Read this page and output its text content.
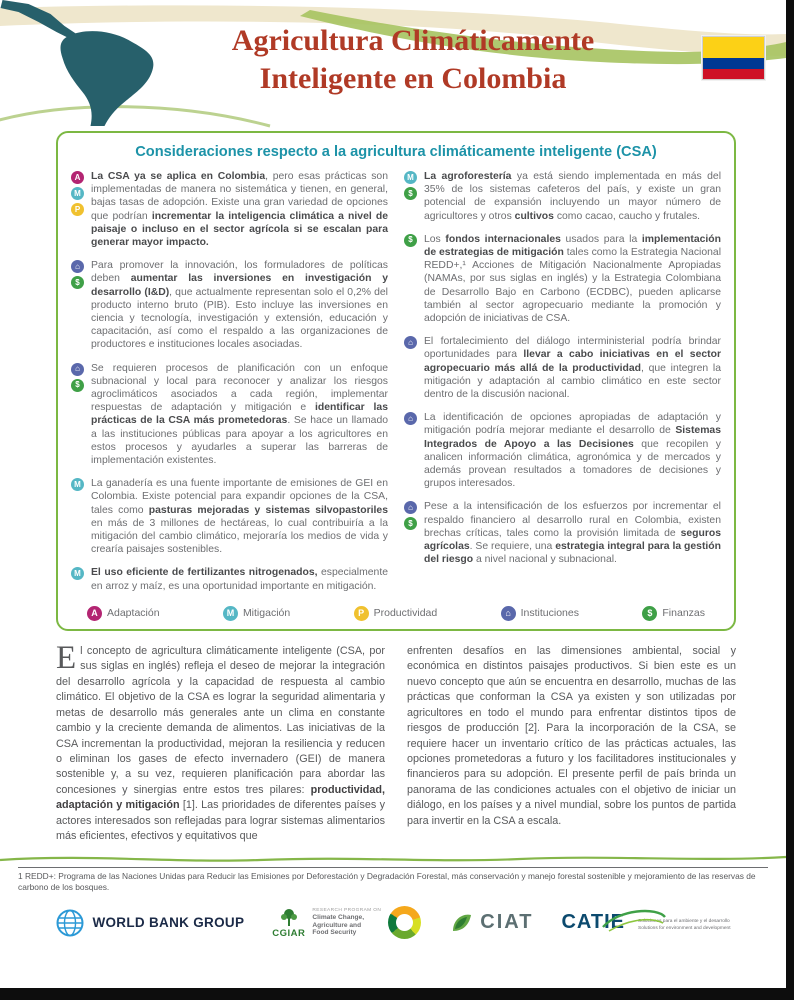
Agricultura Climáticamente
Inteligente en Colombia
Consideraciones respecto a la agricultura climáticamente inteligente (CSA)
A
M
P

La CSA ya se aplica en Colombia, pero esas prácticas son implementadas de manera no sistemática y tienen, en general, bajas tasas de adopción. Existe una gran variedad de opciones que podrían incrementar la inteligencia climática a nivel de paisaje o incluso en el sector agrícola si se escalan para generar mayor impacto.

⌂
$

Para promover la innovación, los formuladores de políticas deben aumentar las inversiones en investigación y desarrollo (I&D), que actualmente representan solo el 0,2% del producto interno bruto (PIB). Esto incluye las inversiones en ciencia y tecnología, investigación y extensión, educación y capacitación, así como el respaldo a las organizaciones de productores e instituciones locales asociadas.

⌂
$

Se requieren procesos de planificación con un enfoque subnacional y local para reconocer y analizar los riesgos agroclimáticos asociados a cada región, implementar respuestas de adaptación y mitigación e identificar las prácticas de la CSA más prometedoras. Se hace un llamado a las instituciones públicas para apoyar a los agricultores en estos procesos y ayudarles a superar las barreras de implementación existentes.

M La ganadería es una fuente importante de emisiones de GEI en Colombia. Existe potencial para expandir opciones de la CSA, tales como pasturas mejoradas y sistemas silvopastoriles en más de 3 millones de hectáreas, lo cual contribuiría a la mitigación del cambio climático, mejoraría los medios de vida y crearía paisajes sostenibles.

M El uso eficiente de fertilizantes nitrogenados, especialmente en arroz y maíz, es una oportunidad importante en mitigación.

M
$

La agroforestería ya está siendo implementada en más del 35% de los sistemas cafeteros del país, y existe un gran potencial de expansión incluyendo un mayor número de agricultores y otros cultivos como cacao, caucho y frutales.

$	Los fondos internacionales usados para la implementación de estrategias de mitigación tales como la Estrategia Nacional REDD+,¹ Acciones de Mitigación Nacionalmente Apropiadas (NAMAs, por sus siglas en inglés) y la Estrategia Colombiana de Desarrollo Bajo en Carbono (ECDBC), pueden aplicarse también al sector agropecuario mediante la promoción y adopción de iniciativas de CSA.

⌂	El fortalecimiento del diálogo interministerial podría brindar oportunidades para llevar a cabo iniciativas en el sector agropecuario más allá de la productividad, que integren la mitigación y adaptación al cambio climático en este sector dentro de la discusión nacional.

⌂	La identificación de opciones apropiadas de adaptación y mitigación podría mejorar mediante el desarrollo de Sistemas Integrados de Apoyo a las Decisiones que recopilen y analicen información climática, agronómica y de mercados y además provean resultados a tomadores de decisiones y grupos interesados.

⌂
$

Pese a la intensificación de los esfuerzos por incrementar el respaldo financiero al desarrollo rural en Colombia, existen brechas críticas, tales como la provisión limitada de seguros agrícolas. Se requiere, una estrategia integral para la gestión del riesgo a nivel nacional y subnacional.

A Adaptación	M Mitigación	P Productividad	⌂ Instituciones	$ Finanzas
El concepto de agricultura climáticamente inteligente (CSA, por sus siglas en inglés) refleja el deseo de mejorar la integración del desarrollo agrícola y la capacidad de respuesta al cambio climático. El objetivo de la CSA es lograr la seguridad alimentaria y metas de desarrollo más generales ante un clima en constante cambio y la creciente demanda de alimentos. Las iniciativas de la CSA incrementan la productividad, mejoran la resiliencia y reducen o eliminan los gases de efecto invernadero (GEI) de manera sostenible y, a su vez, requieren planificación para abordar las concesiones y sinergias entre estos tres pilares: productividad, adaptación y mitigación [1]. Las prioridades de diferentes países y actores interesados son reflejadas para lograr sistemas alimentarios más eficientes, efectivos y equitativos que
enfrenten desafíos en las dimensiones ambiental, social y económica en distintos paisajes productivos. Si bien este es un nuevo concepto que aún se encuentra en desarrollo, muchas de las prácticas que conforman la CSA ya existen y son utilizadas por agricultores en todo el mundo para enfrentar distintos tipos de riesgos de producción [2]. Para la incorporación de la CSA, se requiere hacer un inventario crítico de las prácticas actuales, las opciones prometedoras a futuro y los facilitadores institucionales y financieros para su adopción. El presente perfil de país brinda un panorama de las condiciones actuales con el objetivo de iniciar un diálogo, en los países y a nivel mundial, sobre los puntos de partida para invertir en la CSA a escala.
1 REDD+: Programa de las Naciones Unidas para Reducir las Emisiones por Deforestación y Degradación Forestal, más conservación y manejo forestal sostenible y mejoramiento de las reservas de carbono de los bosques.
WORLD BANK GROUP
CGIAR
RESEARCH PROGRAM ON
Climate Change,
Agriculture and
Food Security	CIAT CATIE	Soluciones para el ambiente y el desarrollo
Solutions for environment and development
